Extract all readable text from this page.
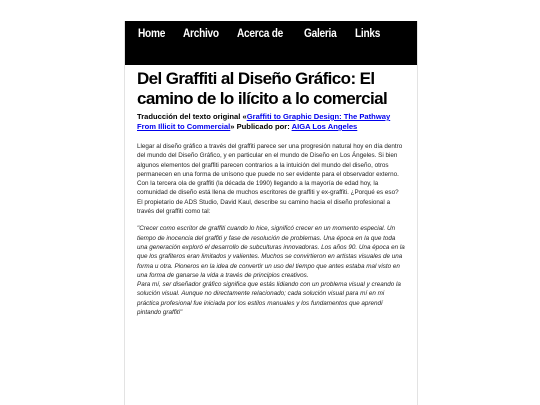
Home Archivo Acerca de Galeria Links
Del Graffiti al Diseño Gráfico: El camino de lo ilícito a lo comercial
Traducción del texto original «Graffiti to Graphic Design: The Pathway From Illicit to Commercial» Publicado por: AIGA Los Angeles

Llegar al diseño gráfico a través del graffiti parece ser una progresión natural hoy en día dentro del mundo del Diseño Gráfico, y en particular en el mundo de Diseño en Los Ángeles. Si bien algunos elementos del graffiti parecen contrarios a la intuición del mundo del diseño, otros permanecen en una forma de unísono que puede no ser evidente para el observador externo. Con la tercera ola de graffiti (la década de 1990) llegando a la mayoría de edad hoy, la comunidad de diseño está llena de muchos escritores de graffiti y ex-graffiti. ¿Porqué es eso?

El propietario de ADS Studio, David Kaul, describe su camino hacia el diseño profesional a través del graffiti como tal:

"Crecer como escritor de graffiti cuando lo hice, significó crecer en un momento especial. Un tiempo de inocencia del graffiti y fase de resolución de problemas. Una época en la que toda una generación exploró el desarrollo de subculturas innovadoras. Los años 90. Una época en la que los grafiteros eran limitados y valientes. Muchos se convirtieron en artistas visuales de una forma u otra. Pioneros en la idea de convertir un uso del tiempo que antes estaba mal visto en una forma de ganarse la vida a través de principios creativos.

Para mí, ser diseñador gráfico significa que estás lidiando con un problema visual y creando la solución visual. Aunque no directamente relacionado; cada solución visual para mí en mi práctica profesional fue iniciada por los estilos manuales y los fundamentos que aprendí pintando graffiti"
